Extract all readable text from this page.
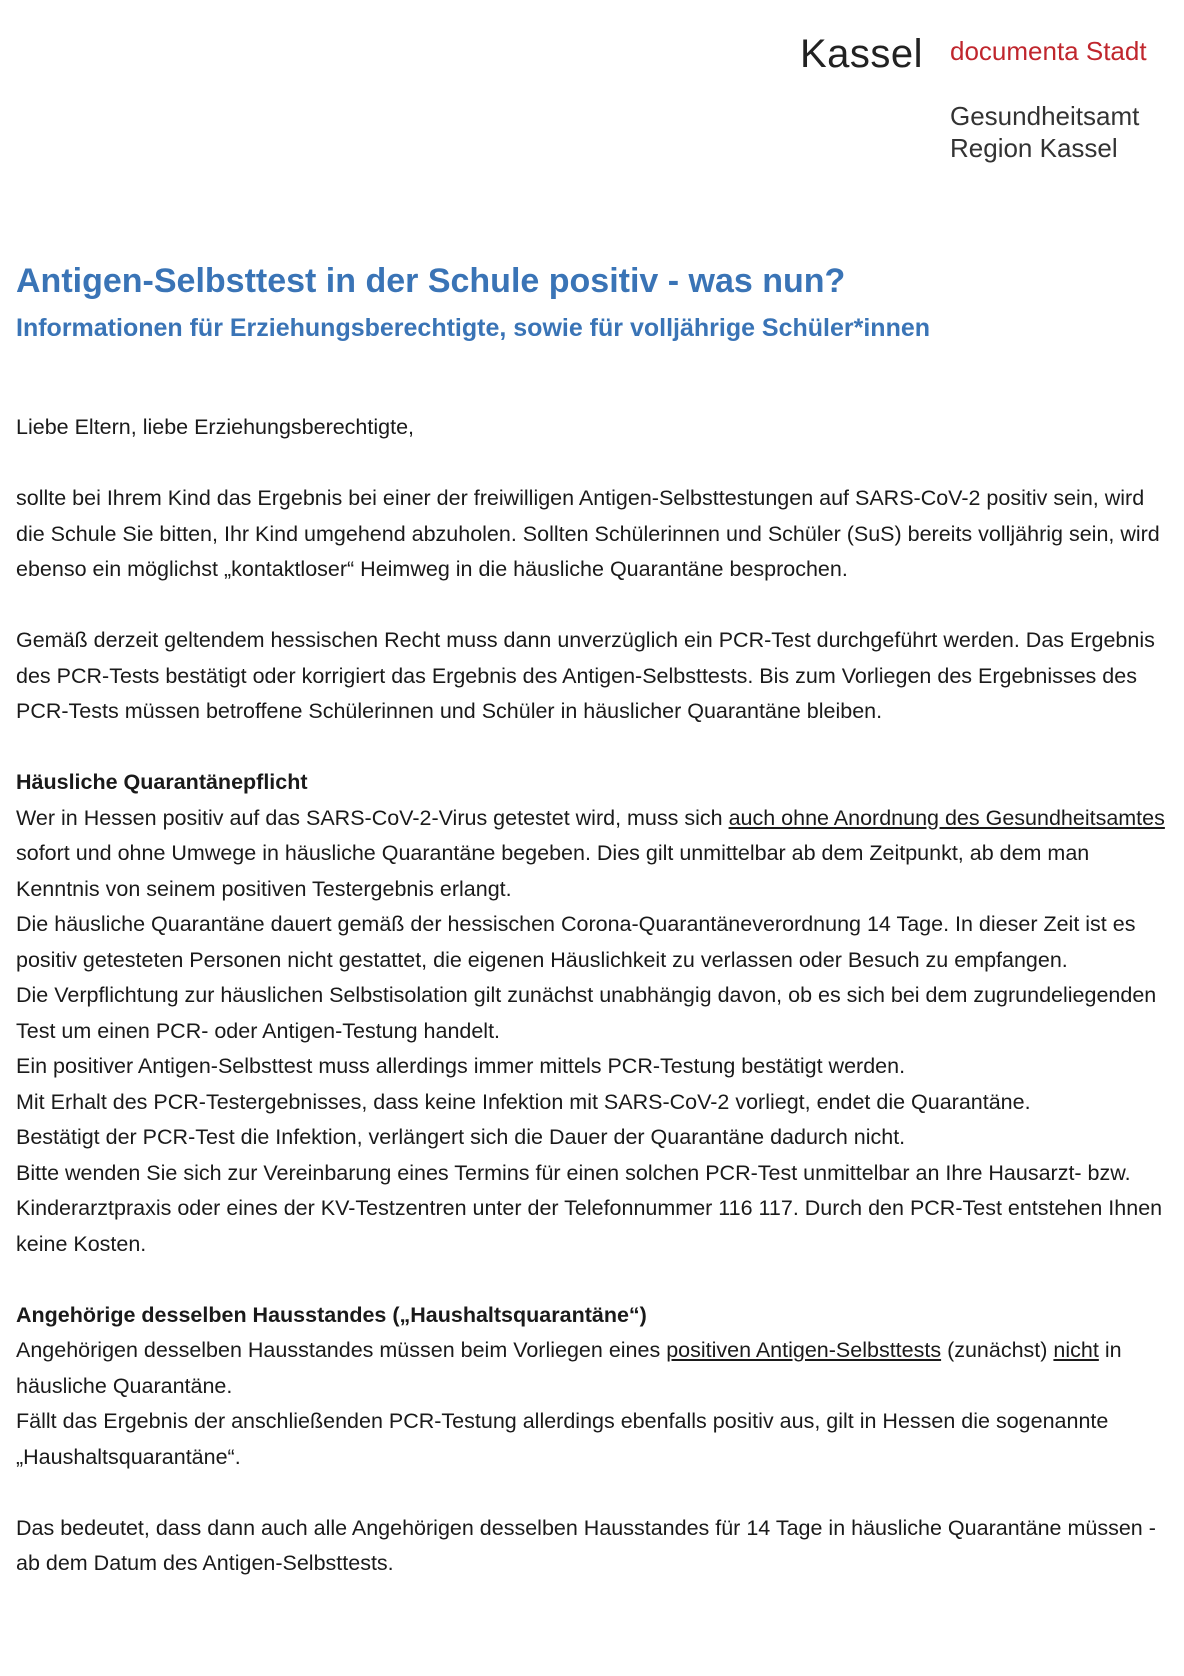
Kassel documenta Stadt
Gesundheitsamt
Region Kassel
Antigen-Selbsttest in der Schule positiv - was nun?
Informationen für Erziehungsberechtigte, sowie für volljährige Schüler*innen

Liebe Eltern, liebe Erziehungsberechtigte,

sollte bei Ihrem Kind das Ergebnis bei einer der freiwilligen Antigen-Selbsttestungen auf SARS-CoV-2 positiv sein, wird die Schule Sie bitten, Ihr Kind umgehend abzuholen. Sollten Schülerinnen und Schüler (SuS) bereits volljährig sein, wird ebenso ein möglichst „kontaktloser“ Heimweg in die häusliche Quarantäne besprochen.

Gemäß derzeit geltendem hessischen Recht muss dann unverzüglich ein PCR-Test durchgeführt werden. Das Ergebnis des PCR-Tests bestätigt oder korrigiert das Ergebnis des Antigen-Selbsttests. Bis zum Vorliegen des Ergebnisses des PCR-Tests müssen betroffene Schülerinnen und Schüler in häuslicher Quarantäne bleiben.

Häusliche Quarantänepflicht

Wer in Hessen positiv auf das SARS-CoV-2-Virus getestet wird, muss sich auch ohne Anordnung des Gesundheitsamtes sofort und ohne Umwege in häusliche Quarantäne begeben. Dies gilt unmittelbar ab dem Zeitpunkt, ab dem man Kenntnis von seinem positiven Testergebnis erlangt.

Die häusliche Quarantäne dauert gemäß der hessischen Corona-Quarantäneverordnung 14 Tage. In dieser Zeit ist es positiv getesteten Personen nicht gestattet, die eigenen Häuslichkeit zu verlassen oder Besuch zu empfangen.

Die Verpflichtung zur häuslichen Selbstisolation gilt zunächst unabhängig davon, ob es sich bei dem zugrundeliegenden Test um einen PCR- oder Antigen-Testung handelt.

Ein positiver Antigen-Selbsttest muss allerdings immer mittels PCR-Testung bestätigt werden.

Mit Erhalt des PCR-Testergebnisses, dass keine Infektion mit SARS-CoV-2 vorliegt, endet die Quarantäne.

Bestätigt der PCR-Test die Infektion, verlängert sich die Dauer der Quarantäne dadurch nicht.

Bitte wenden Sie sich zur Vereinbarung eines Termins für einen solchen PCR-Test unmittelbar an Ihre Hausarzt- bzw. Kinderarztpraxis oder eines der KV-Testzentren unter der Telefonnummer 116 117. Durch den PCR-Test entstehen Ihnen keine Kosten.

Angehörige desselben Hausstandes („Haushaltsquarantäne“)

Angehörigen desselben Hausstandes müssen beim Vorliegen eines positiven Antigen-Selbsttests (zunächst) nicht in häusliche Quarantäne.

Fällt das Ergebnis der anschließenden PCR-Testung allerdings ebenfalls positiv aus, gilt in Hessen die sogenannte „Haushaltsquarantäne“.

Das bedeutet, dass dann auch alle Angehörigen desselben Hausstandes für 14 Tage in häusliche Quarantäne müssen - ab dem Datum des Antigen-Selbsttests.
